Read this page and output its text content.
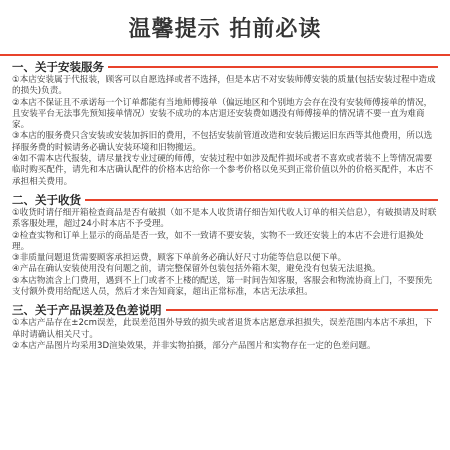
温馨提示 拍前必读
一、关于安装服务
①本店安装属于代报装，顾客可以自愿选择或者不选择，但是本店不对安装师傅安装的质量(包括安装过程中造成的损失)负责。
②本店不保证且不承诺每一个订单都能有当地师傅接单（偏远地区和个别地方会存在没有安装师傅接单的情况，且安装平台无法事先预知接单情况）安装不成功的本店退还安装费如遇没有师傅接单的情况请不要一直为难商家。
③本店的服务费只含安装或安装加拆旧的费用，不包括安装前管道改造和安装后搬运旧东西等其他费用，所以选择服务费的时候请务必确认安装环境和旧物搬运。
④如不需本店代报装，请尽量找专业过硬的师傅，安装过程中如涉及配件损坏或者不喜欢或者装不上等情况需要临时购买配件，请先和本店确认配件的价格本店给你一个参考价格以免买到正常价值以外的价格买配件，本店不承担相关费用。
二、关于收货
①收货时请仔细开箱检查商品是否有破损（如不是本人收货请仔细告知代收人订单的相关信息），有破损请及时联系客服处理，超过24小时本店不予受理。
②检查实物和订单上显示的商品是否一致，如不一致请不要安装，实物不一致还安装上的本店不会进行退换处理。
③非质量问题退货需要顾客承担运费，顾客下单前务必确认好尺寸功能等信息以便下单。
④产品在确认安装使用没有问题之前，请完整保留外包装包括外箱木架，避免没有包装无法退换。
⑤本店物流含上门费用，遇到不上门或者不上楼的配送，第一时间告知客服，客服会和物流协商上门，不要预先支付额外费用给配送人员，然后才来告知商家，超出正常标准，本店无法承担。
三、关于产品误差及色差说明
①本店产品存在±2cm误差，此误差范围外导致的损失或者退货本店愿意承担损失，误差范围内本店不承担，下单时请确认相关尺寸。
②本店产品图片均采用3D渲染效果，并非实物拍摄，部分产品图片和实物存在一定的色差问题。
